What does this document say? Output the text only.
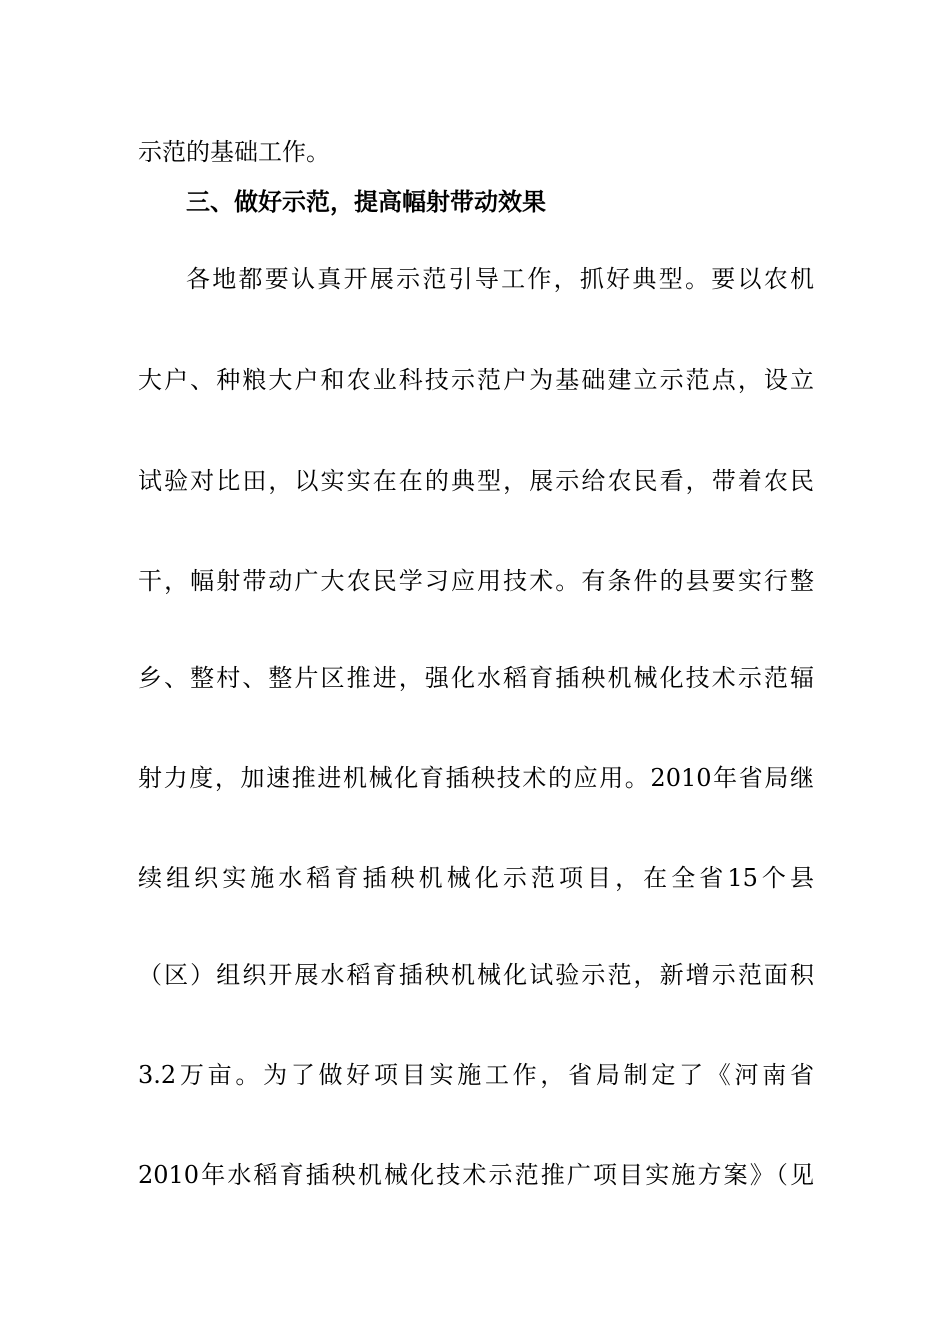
示范的基础工作。
三、做好示范，提高幅射带动效果
各地都要认真开展示范引导工作，抓好典型。要以农机
大户、种粮大户和农业科技示范户为基础建立示范点，设立
试验对比田，以实实在在的典型，展示给农民看，带着农民
干，幅射带动广大农民学习应用技术。有条件的县要实行整
乡、整村、整片区推进，强化水稻育插秧机械化技术示范辐
射力度，加速推进机械化育插秧技术的应用。2010年省局继
续组织实施水稻育插秧机械化示范项目，在全省15个县
（区）组织开展水稻育插秧机械化试验示范，新增示范面积
3.2万亩。为了做好项目实施工作，省局制定了《河南省
2010年水稻育插秧机械化技术示范推广项目实施方案》（见
